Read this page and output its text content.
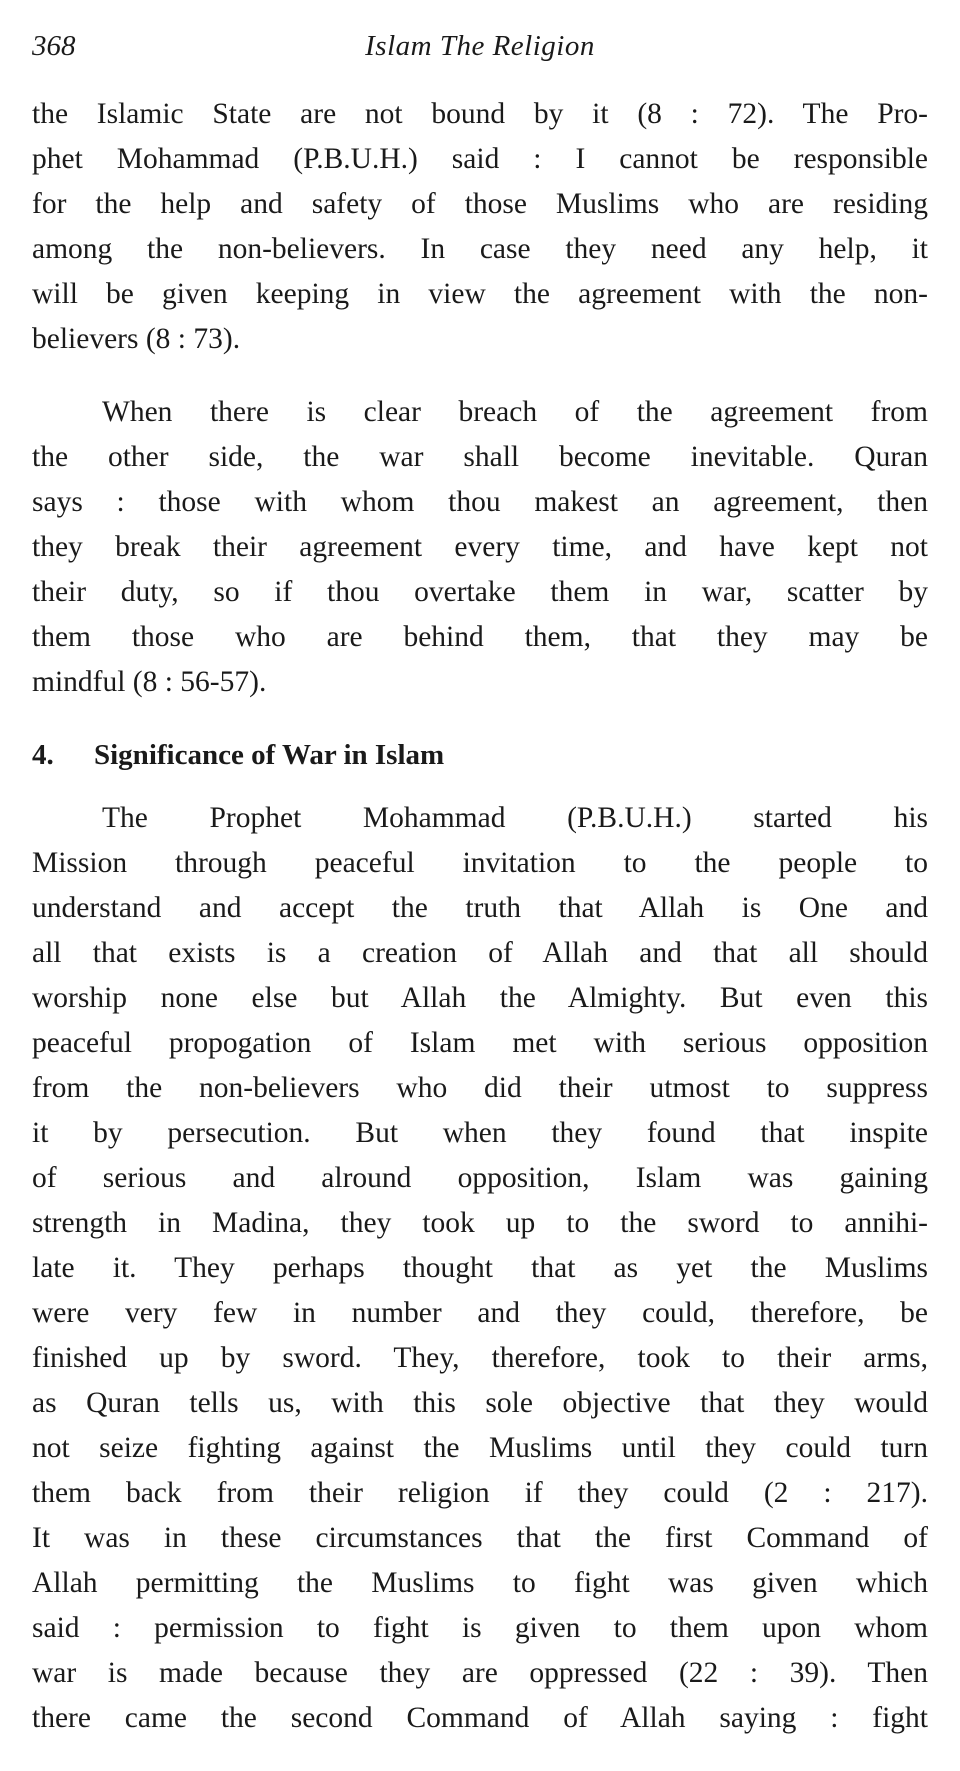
368	Islam The Religion

the Islamic State are not bound by it (8 : 72). The Pro-
phet Mohammad (P.B.U.H.) said : I cannot be responsible
for the help and safety of those Muslims who are residing
among the non-believers. In case they need any help, it
will be given keeping in view the agreement with the non-
believers (8 : 73).

When there is clear breach of the agreement from
the other side, the war shall become inevitable. Quran
says : those with whom thou makest an agreement, then
they break their agreement every time, and have kept not
their duty, so if thou overtake them in war, scatter by
them those who are behind them, that they may be
mindful (8 : 56-57).

4. Significance of War in Islam

The Prophet Mohammad (P.B.U.H.) started his
Mission through peaceful invitation to the people to
understand and accept the truth that Allah is One and
all that exists is a creation of Allah and that all should
worship none else but Allah the Almighty. But even this
peaceful propogation of Islam met with serious opposition
from the non-believers who did their utmost to suppress
it by persecution. But when they found that inspite
of serious and alround opposition, Islam was gaining
strength in Madina, they took up to the sword to annihi-
late it. They perhaps thought that as yet the Muslims
were very few in number and they could, therefore, be
finished up by sword. They, therefore, took to their arms,
as Quran tells us, with this sole objective that they would
not seize fighting against the Muslims until they could turn
them back from their religion if they could (2 : 217).
It was in these circumstances that the first Command of
Allah permitting the Muslims to fight was given which
said : permission to fight is given to them upon whom
war is made because they are oppressed (22 : 39). Then
there came the second Command of Allah saying : fight
